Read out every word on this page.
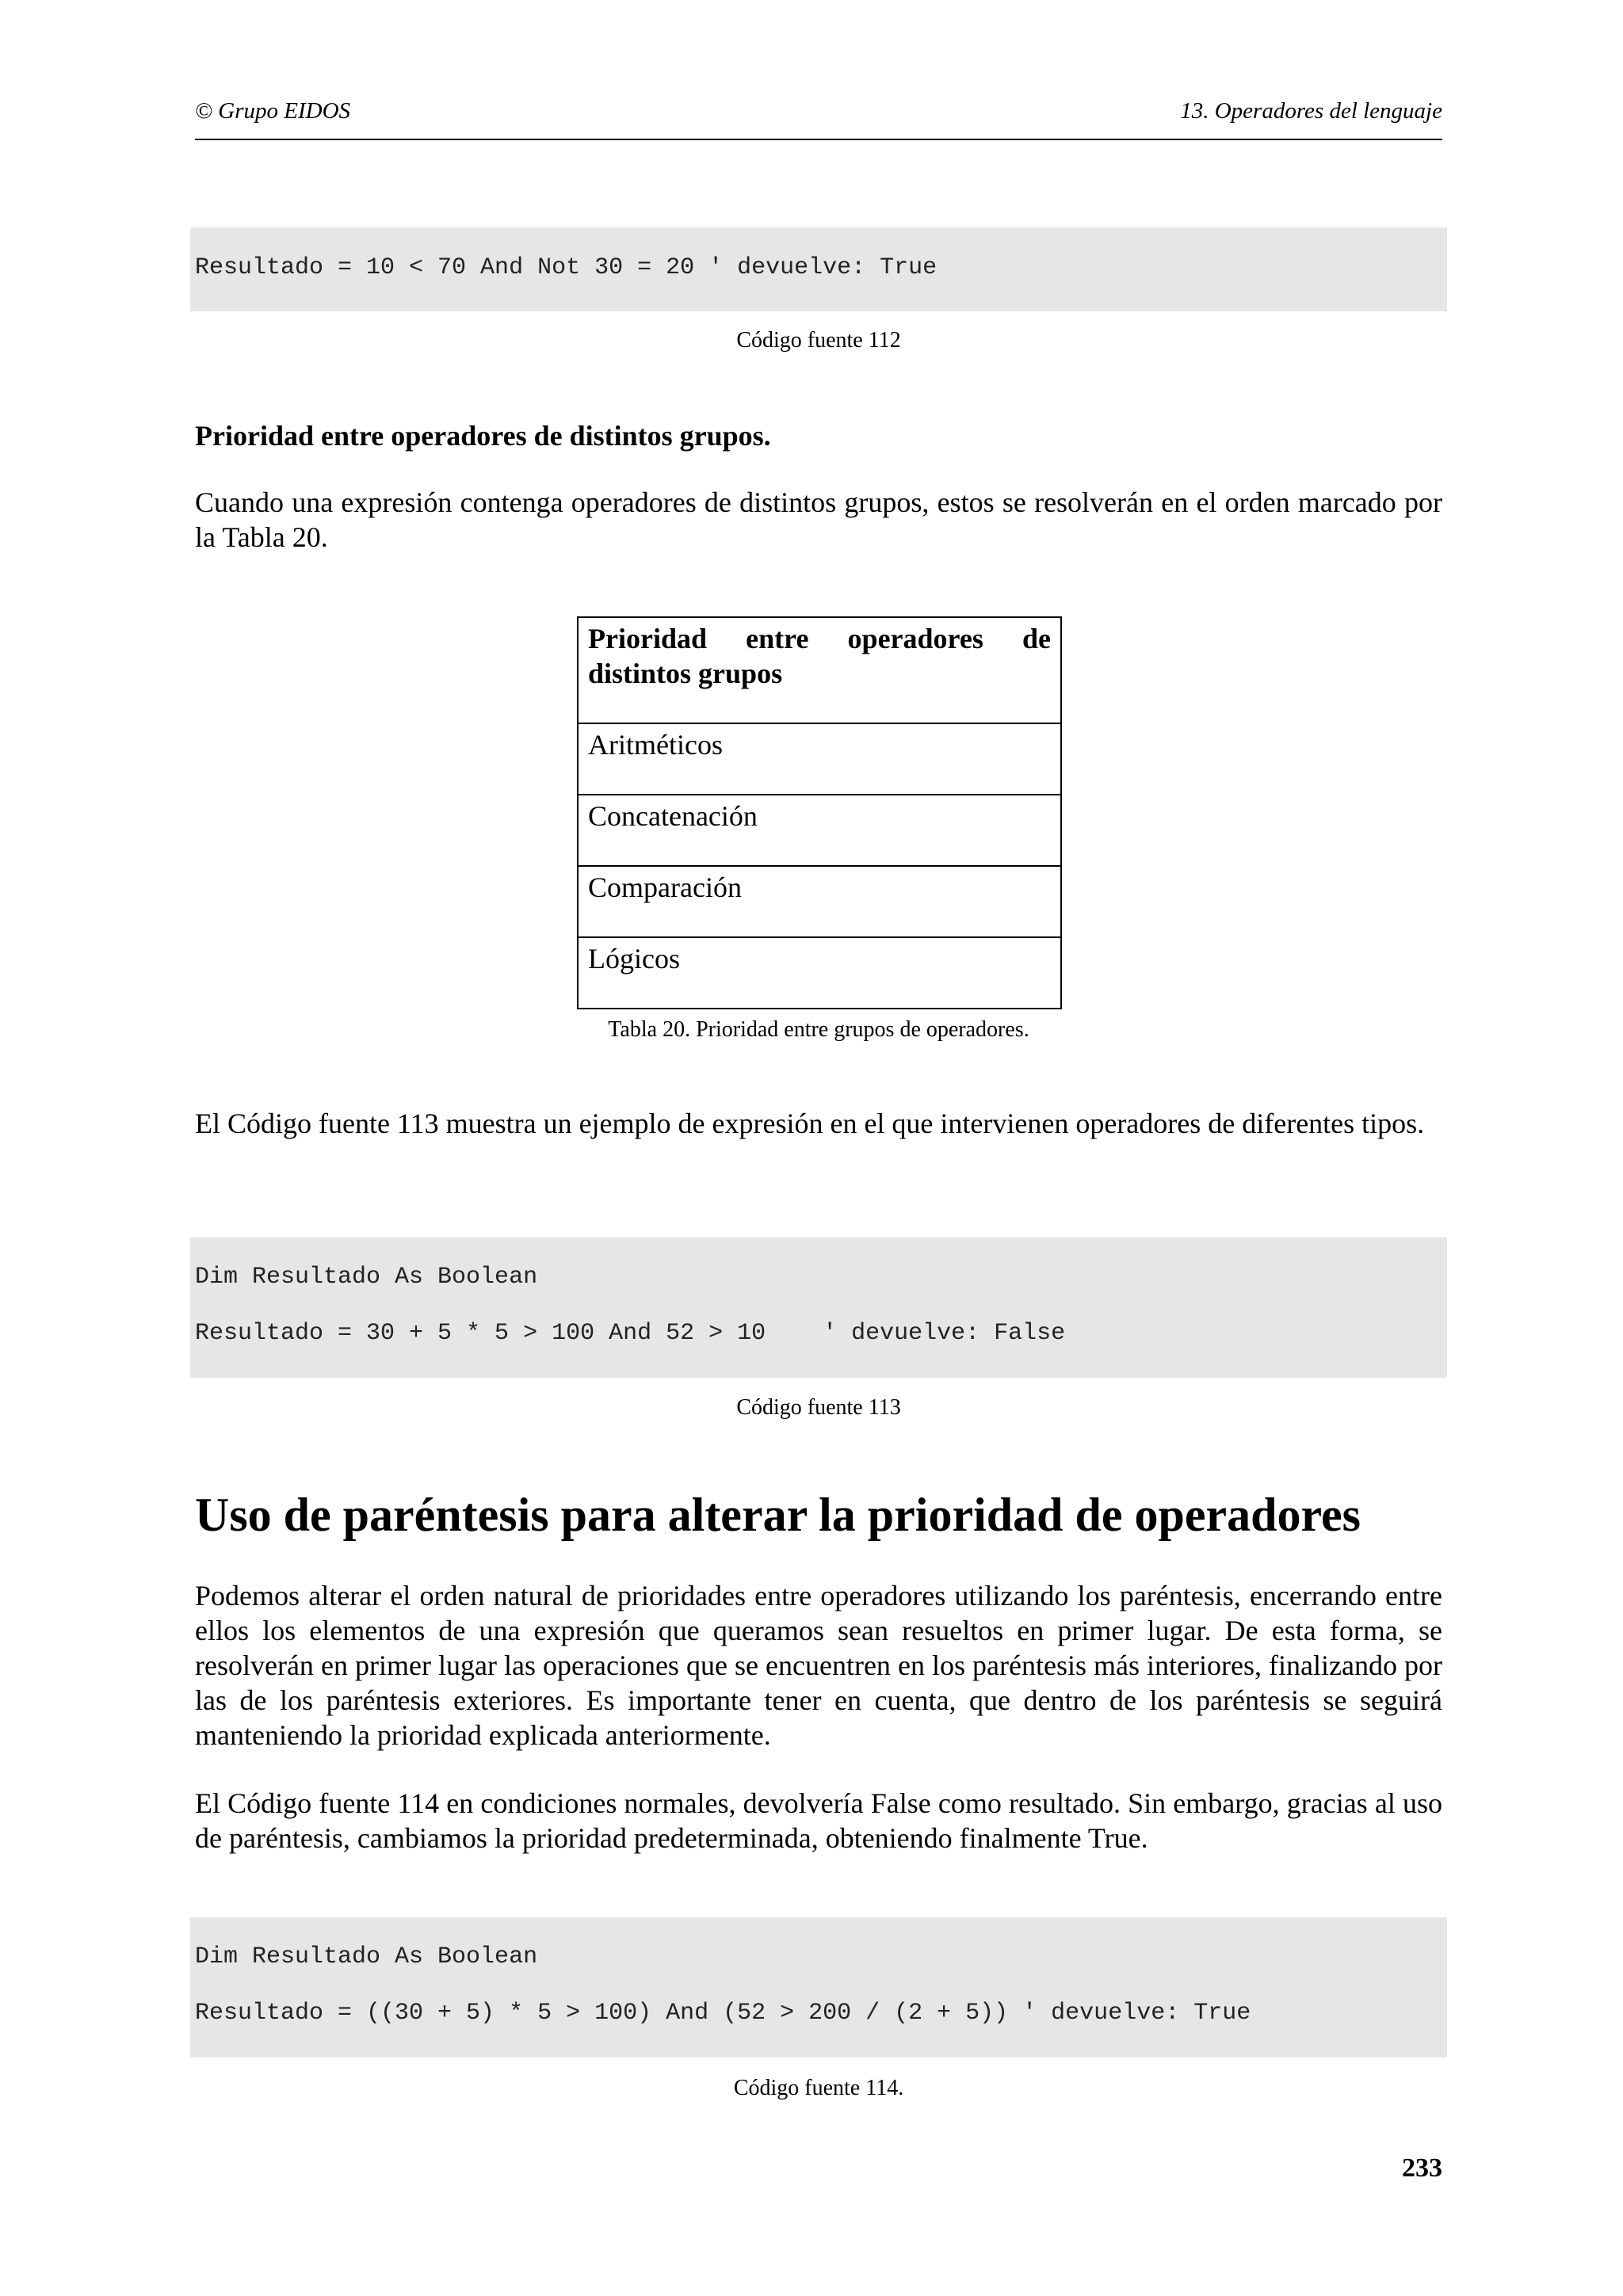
© Grupo EIDOS	13. Operadores del lenguaje
Resultado = 10 < 70 And Not 30 = 20 ' devuelve: True
Código fuente 112
Prioridad entre operadores de distintos grupos.
Cuando una expresión contenga operadores de distintos grupos, estos se resolverán en el orden marcado por la Tabla 20.
Prioridad entre operadores de distintos grupos
Aritméticos
Concatenación
Comparación
Lógicos
Tabla 20. Prioridad entre grupos de operadores.
El Código fuente 113 muestra un ejemplo de expresión en el que intervienen operadores de diferentes tipos.
Dim Resultado As Boolean
Resultado = 30 + 5 * 5 > 100 And 52 > 10    ' devuelve: False
Código fuente 113
Uso de paréntesis para alterar la prioridad de operadores
Podemos alterar el orden natural de prioridades entre operadores utilizando los paréntesis, encerrando entre ellos los elementos de una expresión que queramos sean resueltos en primer lugar. De esta forma, se resolverán en primer lugar las operaciones que se encuentren en los paréntesis más interiores, finalizando por las de los paréntesis exteriores. Es importante tener en cuenta, que dentro de los paréntesis se seguirá manteniendo la prioridad explicada anteriormente.
El Código fuente 114 en condiciones normales, devolvería False como resultado. Sin embargo, gracias al uso de paréntesis, cambiamos la prioridad predeterminada, obteniendo finalmente True.
Dim Resultado As Boolean
Resultado = ((30 + 5) * 5 > 100) And (52 > 200 / (2 + 5)) ' devuelve: True
Código fuente 114.
233
